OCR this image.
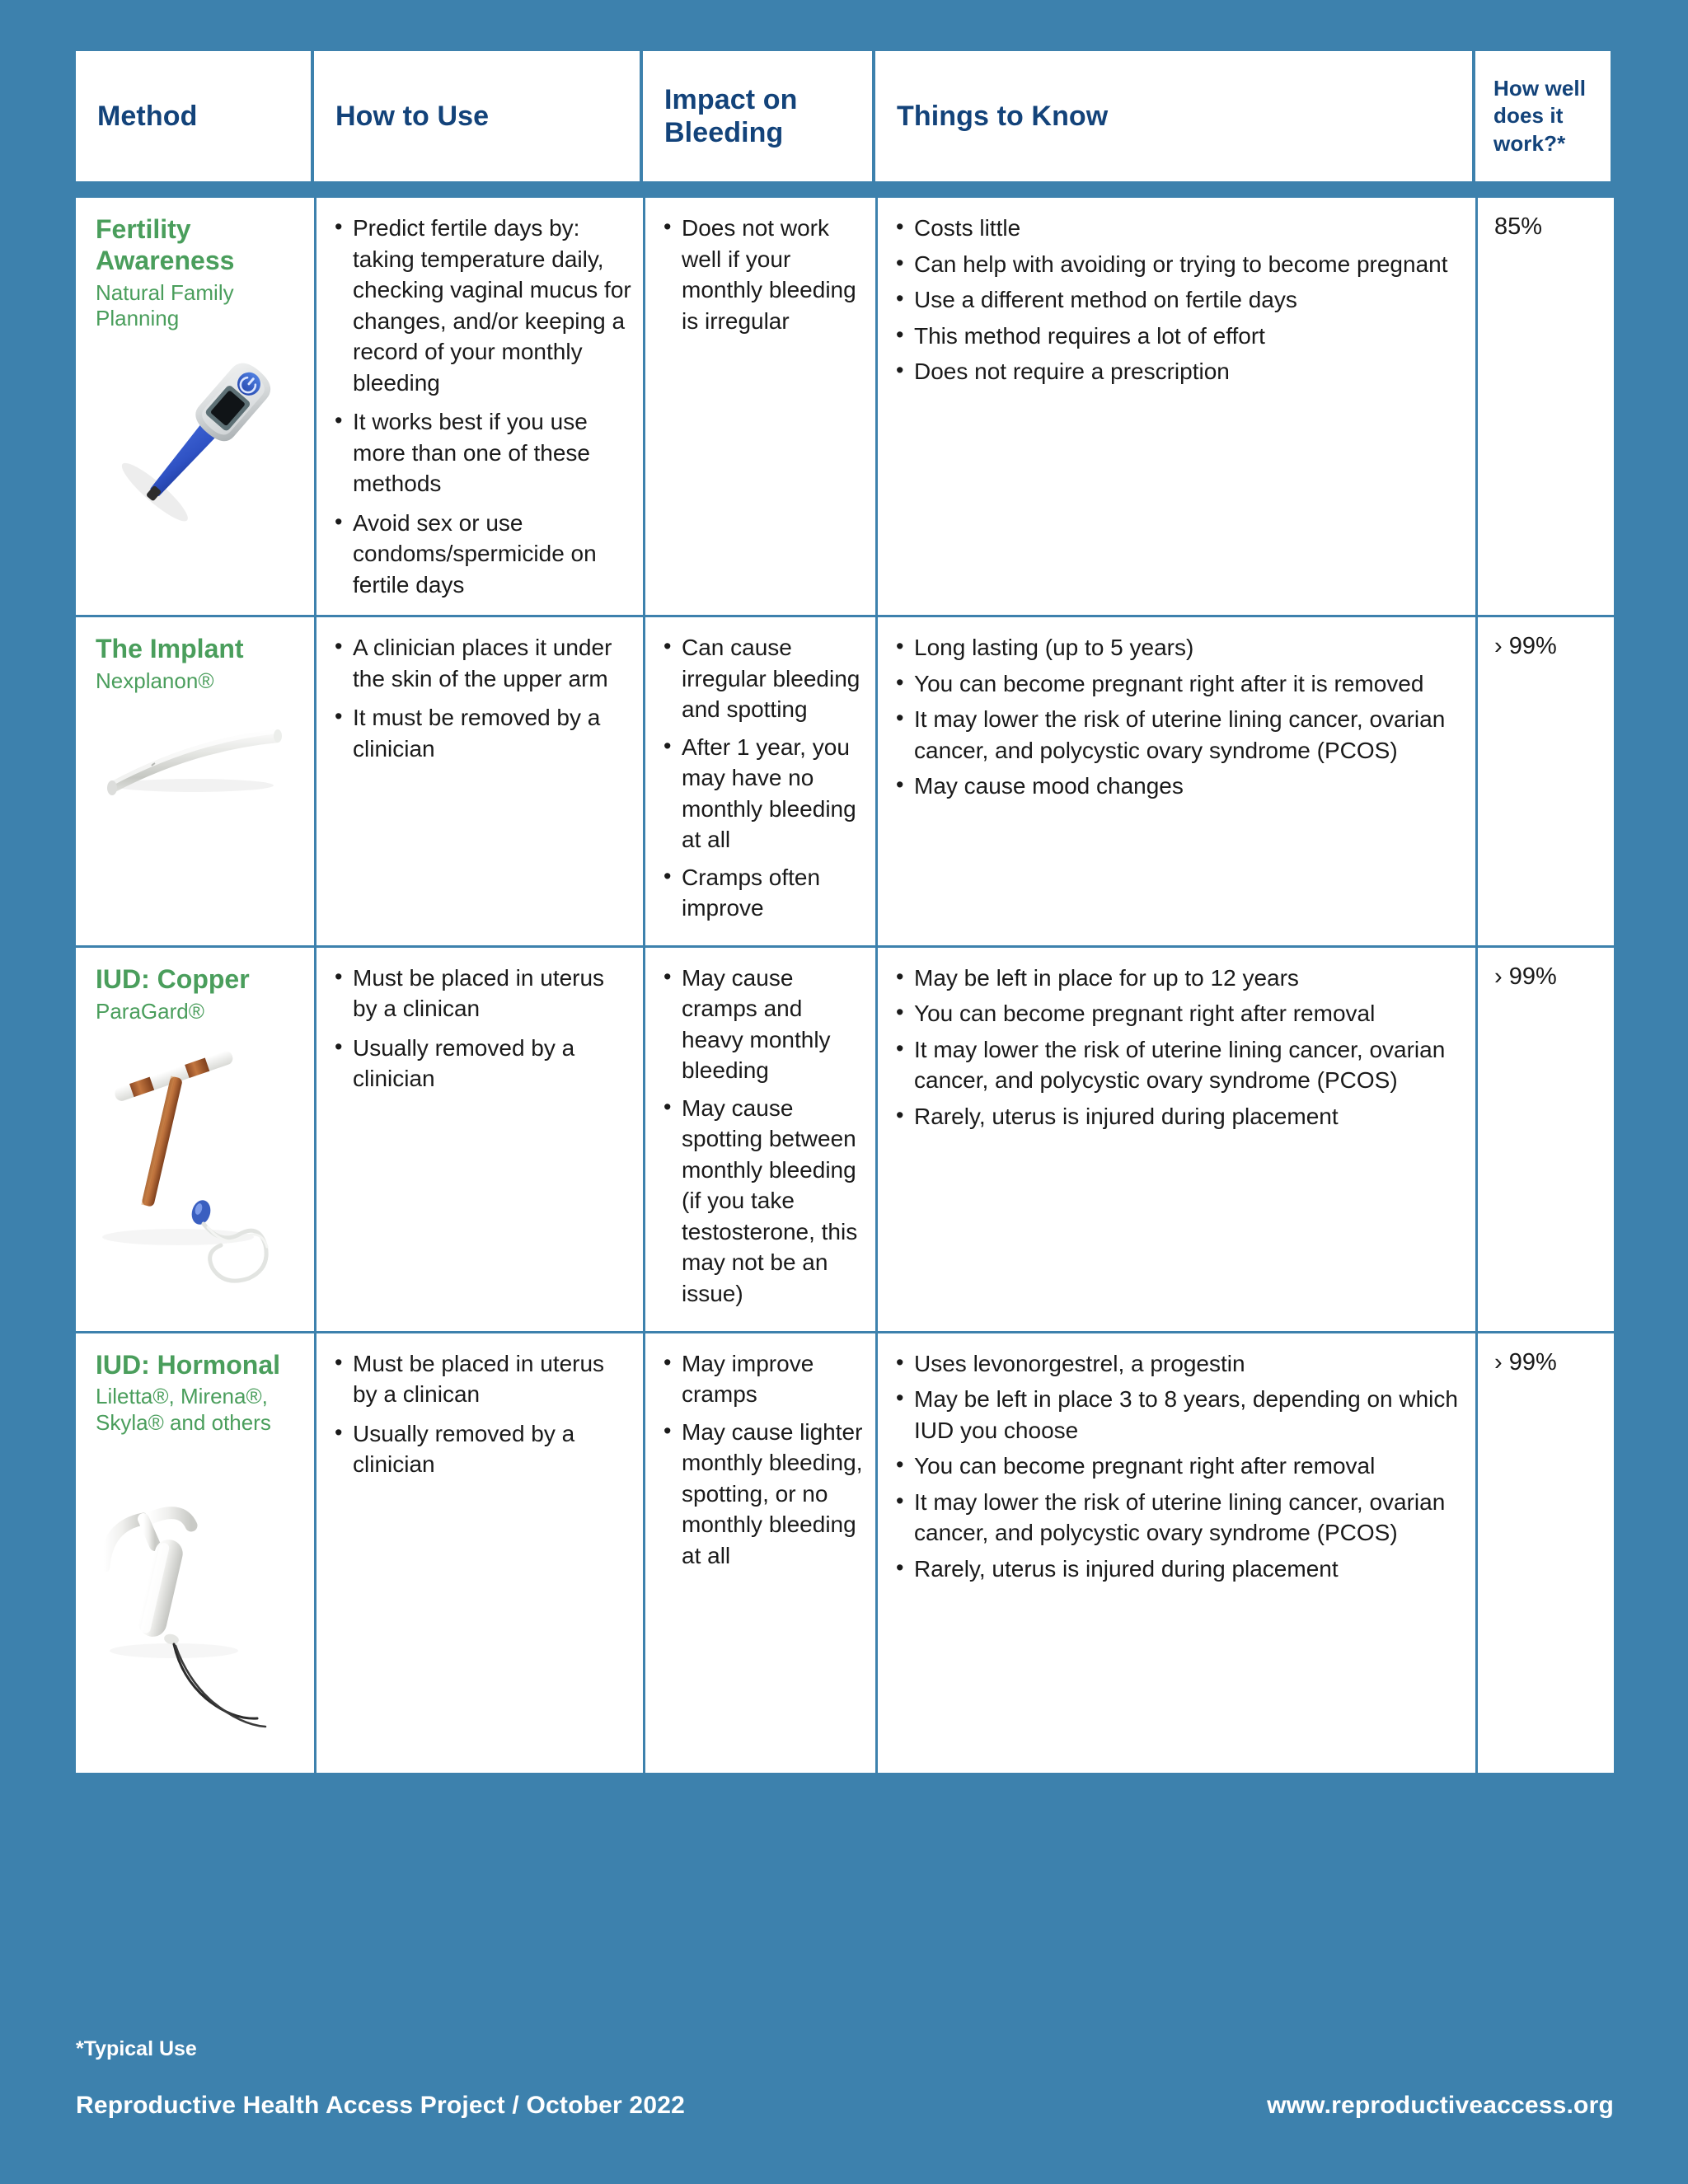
Method	How to Use
Impact on Bleeding
Things to Know
How well does it work?*
Fertility Awareness
Natural Family Planning
• Predict fertile days by: taking temperature daily, checking vaginal mucus for changes, and/or keeping a record of your monthly bleeding
• It works best if you use more than one of these methods
• Avoid sex or use condoms/spermicide on fertile days
• Does not work well if your monthly bleeding is irregular
• Costs little
• Can help with avoiding or trying to become pregnant
• Use a different method on fertile days
• This method requires a lot of effort
• Does not require a prescription
85%
The Implant
Nexplanon®
• A clinician places it under the skin of the upper arm
• It must be removed by a clinician
• Can cause irregular bleeding and spotting
• After 1 year, you may have no monthly bleeding at all
• Cramps often improve
• Long lasting (up to 5 years)
• You can become pregnant right after it is removed
• It may lower the risk of uterine lining cancer, ovarian cancer, and polycystic ovary syndrome (PCOS)
• May cause mood changes
› 99%
IUD: Copper
ParaGard®
• Must be placed in uterus by a clinican
• Usually removed by a clinician
• May cause cramps and heavy monthly bleeding
• May cause spotting between monthly bleeding (if you take testosterone, this may not be an issue)
• May be left in place for up to 12 years
• You can become pregnant right after removal
• It may lower the risk of uterine lining cancer, ovarian cancer, and polycystic ovary syndrome (PCOS)
• Rarely, uterus is injured during placement
› 99%
IUD: Hormonal
Liletta®, Mirena®, Skyla® and others
• Must be placed in uterus by a clinican
• Usually removed by a clinician
• May improve cramps
• May cause lighter monthly bleeding, spotting, or no monthly bleeding at all
• Uses levonorgestrel, a progestin
• May be left in place 3 to 8 years, depending on which IUD you choose
• You can become pregnant right after removal
• It may lower the risk of uterine lining cancer, ovarian cancer, and polycystic ovary syndrome (PCOS)
• Rarely, uterus is injured during placement
› 99%
*Typical Use
Reproductive Health Access Project / October 2022	www.reproductiveaccess.org
